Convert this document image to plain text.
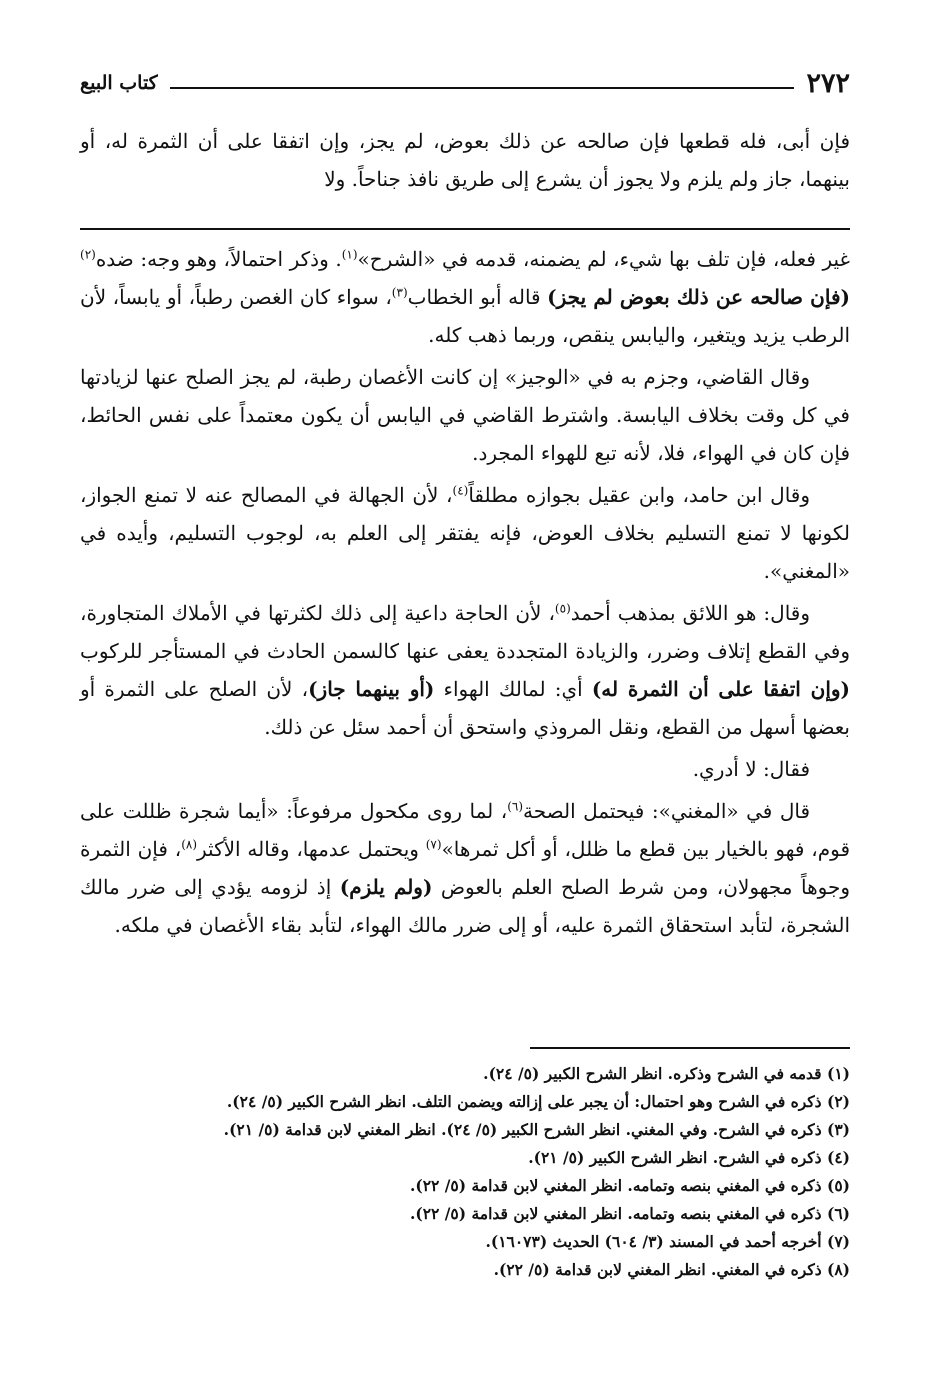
٢٧٢
كتاب البيع
فإن أبى، فله قطعها فإن صالحه عن ذلك بعوض، لم يجز، وإن اتفقا على أن الثمرة له، أو بينهما، جاز ولم يلزم ولا يجوز أن يشرع إلى طريق نافذ جناحاً. ولا

غير فعله، فإن تلف بها شيء، لم يضمنه، قدمه في «الشرح»$^{(١)}$. وذكر احتمالاً، وهو وجه: ضده$^{(٢)}$ (فإن صالحه عن ذلك بعوض لم يجز) قاله أبو الخطاب$^{(٣)}$، سواء كان الغصن رطباً، أو يابساً، لأن الرطب يزيد ويتغير، واليابس ينقص، وربما ذهب كله.

وقال القاضي، وجزم به في «الوجيز» إن كانت الأغصان رطبة، لم يجز الصلح عنها لزيادتها في كل وقت بخلاف اليابسة. واشترط القاضي في اليابس أن يكون معتمداً على نفس الحائط، فإن كان في الهواء، فلا، لأنه تبع للهواء المجرد.

وقال ابن حامد، وابن عقيل بجوازه مطلقاً$^{(٤)}$، لأن الجهالة في المصالح عنه لا تمنع الجواز، لكونها لا تمنع التسليم بخلاف العوض، فإنه يفتقر إلى العلم به، لوجوب التسليم، وأيده في «المغني».

وقال: هو اللائق بمذهب أحمد$^{(٥)}$، لأن الحاجة داعية إلى ذلك لكثرتها في الأملاك المتجاورة، وفي القطع إتلاف وضرر، والزيادة المتجددة يعفى عنها كالسمن الحادث في المستأجر للركوب (وإن اتفقا على أن الثمرة له) أي: لمالك الهواء (أو بينهما جاز)، لأن الصلح على الثمرة أو بعضها أسهل من القطع، ونقل المروذي واستحق أن أحمد سئل عن ذلك.

فقال: لا أدري.

قال في «المغني»: فيحتمل الصحة$^{(٦)}$، لما روى مكحول مرفوعاً: «أيما شجرة ظللت على قوم، فهو بالخيار بين قطع ما ظلل، أو أكل ثمرها»$^{(٧)}$ ويحتمل عدمها، وقاله الأكثر$^{(٨)}$، فإن الثمرة وجوهاً مجهولان، ومن شرط الصلح العلم بالعوض (ولم يلزم) إذ لزومه يؤدي إلى ضرر مالك الشجرة، لتأبد استحقاق الثمرة عليه، أو إلى ضرر مالك الهواء، لتأبد بقاء الأغصان في ملكه.

(١) قدمه في الشرح وذكره. انظر الشرح الكبير (٥/ ٢٤).
(٢) ذكره في الشرح وهو احتمال: أن يجبر على إزالته ويضمن التلف. انظر الشرح الكبير (٥/ ٢٤).
(٣) ذكره في الشرح. وفي المغني. انظر الشرح الكبير (٥/ ٢٤). انظر المغني لابن قدامة (٥/ ٢١).
(٤) ذكره في الشرح. انظر الشرح الكبير (٥/ ٢١).
(٥) ذكره في المغني بنصه وتمامه. انظر المغني لابن قدامة (٥/ ٢٢).
(٦) ذكره في المغني بنصه وتمامه. انظر المغني لابن قدامة (٥/ ٢٢).
(٧) أخرجه أحمد في المسند (٣/ ٦٠٤) الحديث (١٦٠٧٣).
(٨) ذكره في المغني. انظر المغني لابن قدامة (٥/ ٢٢).
